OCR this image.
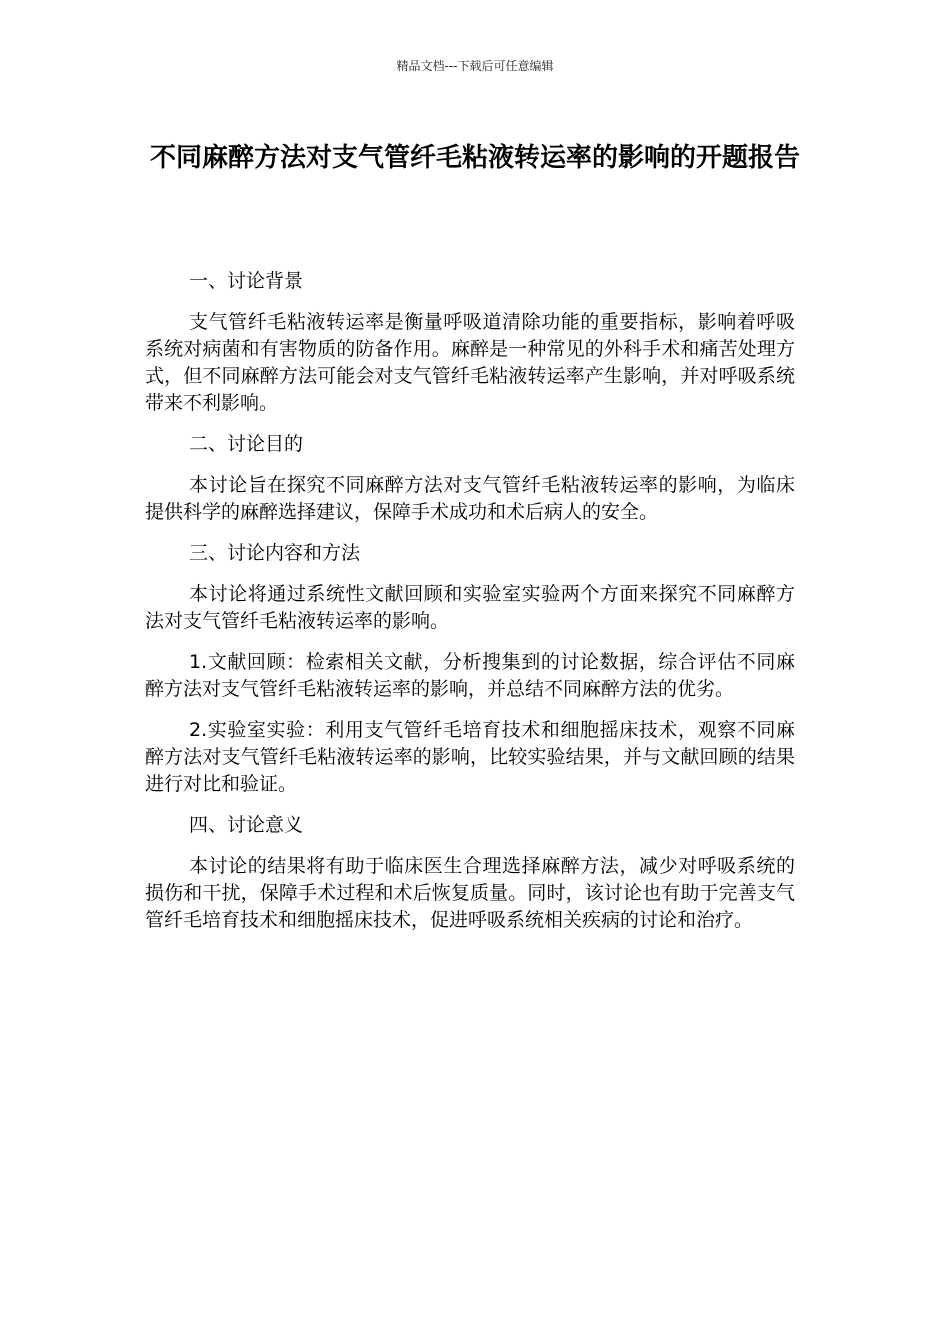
精品文档---下载后可任意编辑
不同麻醉方法对支气管纤毛粘液转运率的影响的开题报告

一、讨论背景

支气管纤毛粘液转运率是衡量呼吸道清除功能的重要指标，影响着呼吸系统对病菌和有害物质的防备作用。麻醉是一种常见的外科手术和痛苦处理方式，但不同麻醉方法可能会对支气管纤毛粘液转运率产生影响，并对呼吸系统带来不利影响。

二、讨论目的

本讨论旨在探究不同麻醉方法对支气管纤毛粘液转运率的影响，为临床提供科学的麻醉选择建议，保障手术成功和术后病人的安全。

三、讨论内容和方法

本讨论将通过系统性文献回顾和实验室实验两个方面来探究不同麻醉方法对支气管纤毛粘液转运率的影响。

1.文献回顾：检索相关文献，分析搜集到的讨论数据，综合评估不同麻醉方法对支气管纤毛粘液转运率的影响，并总结不同麻醉方法的优劣。

2.实验室实验：利用支气管纤毛培育技术和细胞摇床技术，观察不同麻醉方法对支气管纤毛粘液转运率的影响，比较实验结果，并与文献回顾的结果进行对比和验证。

四、讨论意义

本讨论的结果将有助于临床医生合理选择麻醉方法，减少对呼吸系统的损伤和干扰，保障手术过程和术后恢复质量。同时，该讨论也有助于完善支气管纤毛培育技术和细胞摇床技术，促进呼吸系统相关疾病的讨论和治疗。
